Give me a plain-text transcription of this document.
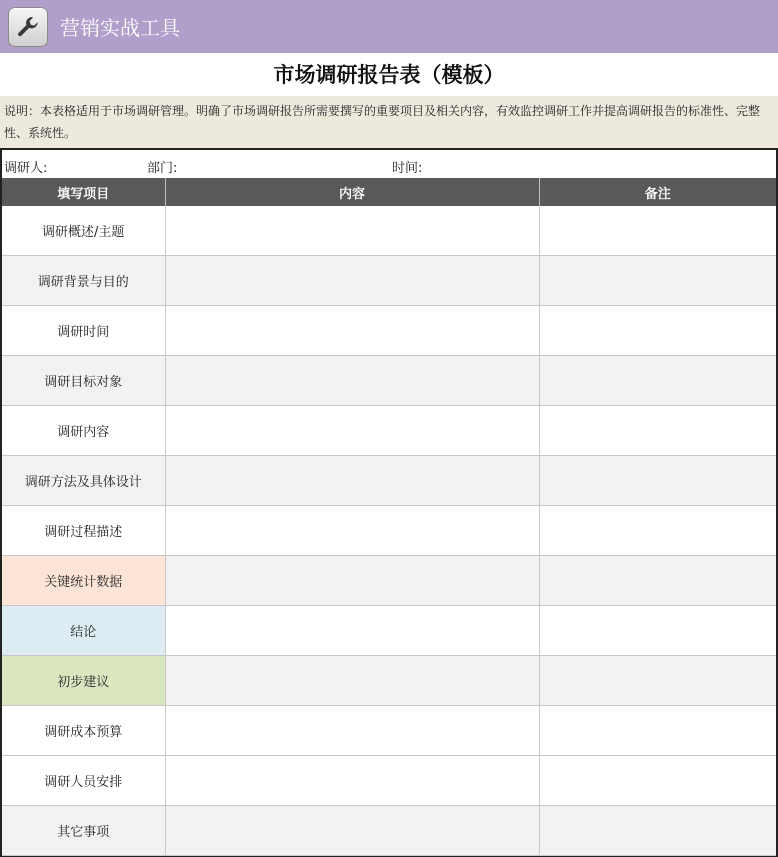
营销实战工具
市场调研报告表（模板）
说明：本表格适用于市场调研管理。明确了市场调研报告所需要撰写的重要项目及相关内容，有效监控调研工作并提高调研报告的标准性、完整性、系统性。
调研人:	部门:	时间:
填写项目	内容	备注
调研概述/主题		
调研背景与目的		
调研时间		
调研目标对象		
调研内容		
调研方法及具体设计		
调研过程描述		
关键统计数据		
结论		
初步建议		
调研成本预算		
调研人员安排		
其它事项		
